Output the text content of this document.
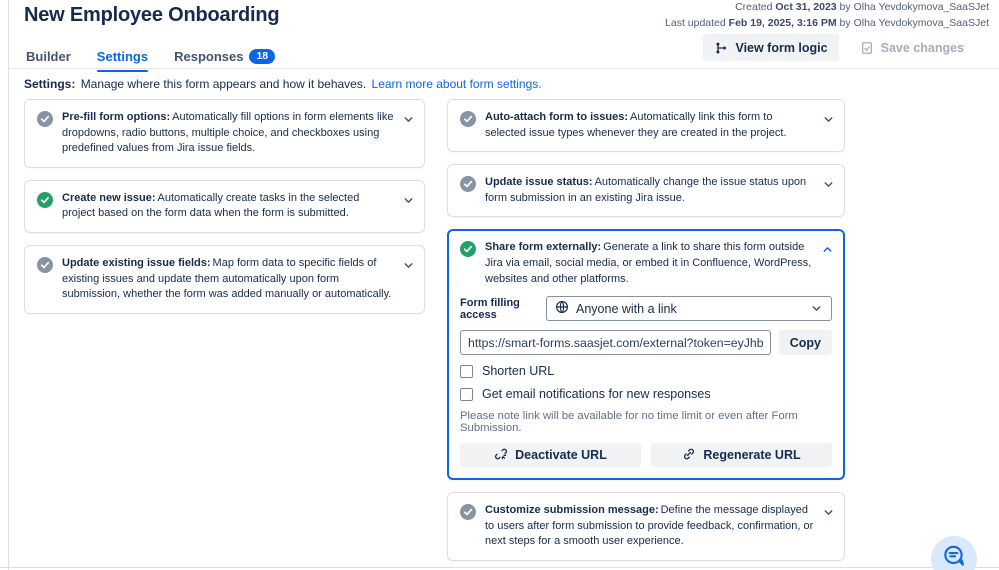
New Employee Onboarding	Created Oct 31, 2023 by Olha Yevdokymova_SaaSJet
Last updated Feb 19, 2025, 3:16 PM by Olha Yevdokymova_SaaSJet
Builder Settings Responses	18
View form logic	Save changes
Settings: Manage where this form appears and how it behaves. Learn more about form settings.

Pre-fill form options: Automatically fill options in form elements like dropdowns, radio buttons, multiple choice, and checkboxes using predefined values from Jira issue fields.

Create new issue: Automatically create tasks in the selected project based on the form data when the form is submitted.

Update existing issue fields: Map form data to specific fields of existing issues and update them automatically upon form submission, whether the form was added manually or automatically.

Auto-attach form to issues: Automatically link this form to selected issue types whenever they are created in the project.

Update issue status: Automatically change the issue status upon form submission in an existing Jira issue.

Share form externally: Generate a link to share this form outside Jira via email, social media, or embed it in Confluence, WordPress, websites and other platforms.

Form filling access	Anyone with a link
https://smart-forms.saasjet.com/external?token=eyJhbGciOiJIUzI1NiI
Copy
Shorten URL
Get email notifications for new responses

Please note link will be available for no time limit or even after Form Submission.

Deactivate URL	Regenerate URL

Customize submission message: Define the message displayed to users after form submission to provide feedback, confirmation, or next steps for a smooth user experience.
